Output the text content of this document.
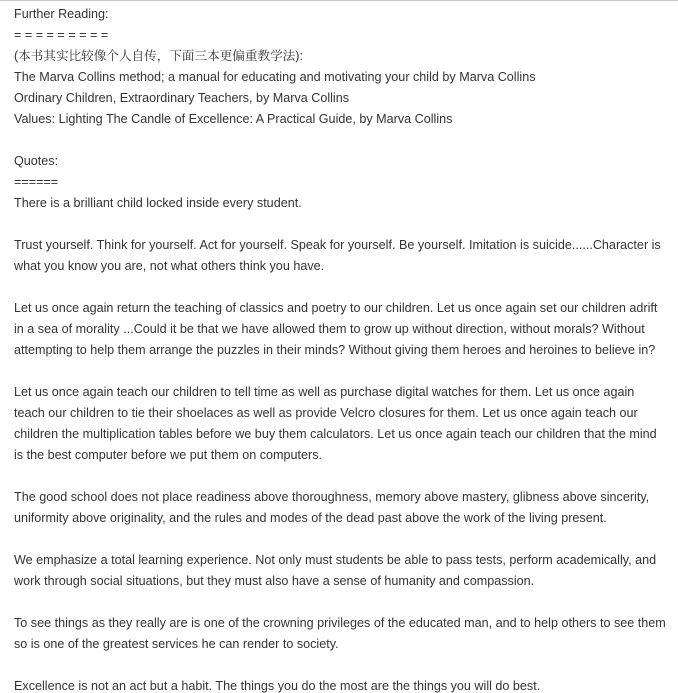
Further Reading:
= = = = = = = = =
(本书其实比较像个人自传，下面三本更偏重教学法):
The Marva Collins method; a manual for educating and motivating your child by Marva Collins
Ordinary Children, Extraordinary Teachers, by Marva Collins
Values: Lighting The Candle of Excellence: A Practical Guide, by Marva Collins
Quotes:
======
There is a brilliant child locked inside every student.
Trust yourself. Think for yourself. Act for yourself. Speak for yourself. Be yourself. Imitation is suicide......Character is
what you know you are, not what others think you have.
Let us once again return the teaching of classics and poetry to our children. Let us once again set our children adrift
in a sea of morality ...Could it be that we have allowed them to grow up without direction, without morals? Without
attempting to help them arrange the puzzles in their minds? Without giving them heroes and heroines to believe in?
Let us once again teach our children to tell time as well as purchase digital watches for them. Let us once again
teach our children to tie their shoelaces as well as provide Velcro closures for them. Let us once again teach our
children the multiplication tables before we buy them calculators. Let us once again teach our children that the mind
is the best computer before we put them on computers.
The good school does not place readiness above thoroughness, memory above mastery, glibness above sincerity,
uniformity above originality, and the rules and modes of the dead past above the work of the living present.
We emphasize a total learning experience. Not only must students be able to pass tests, perform academically, and
work through social situations, but they must also have a sense of humanity and compassion.
To see things as they really are is one of the crowning privileges of the educated man, and to help others to see them
so is one of the greatest services he can render to society.
Excellence is not an act but a habit. The things you do the most are the things you will do best.
